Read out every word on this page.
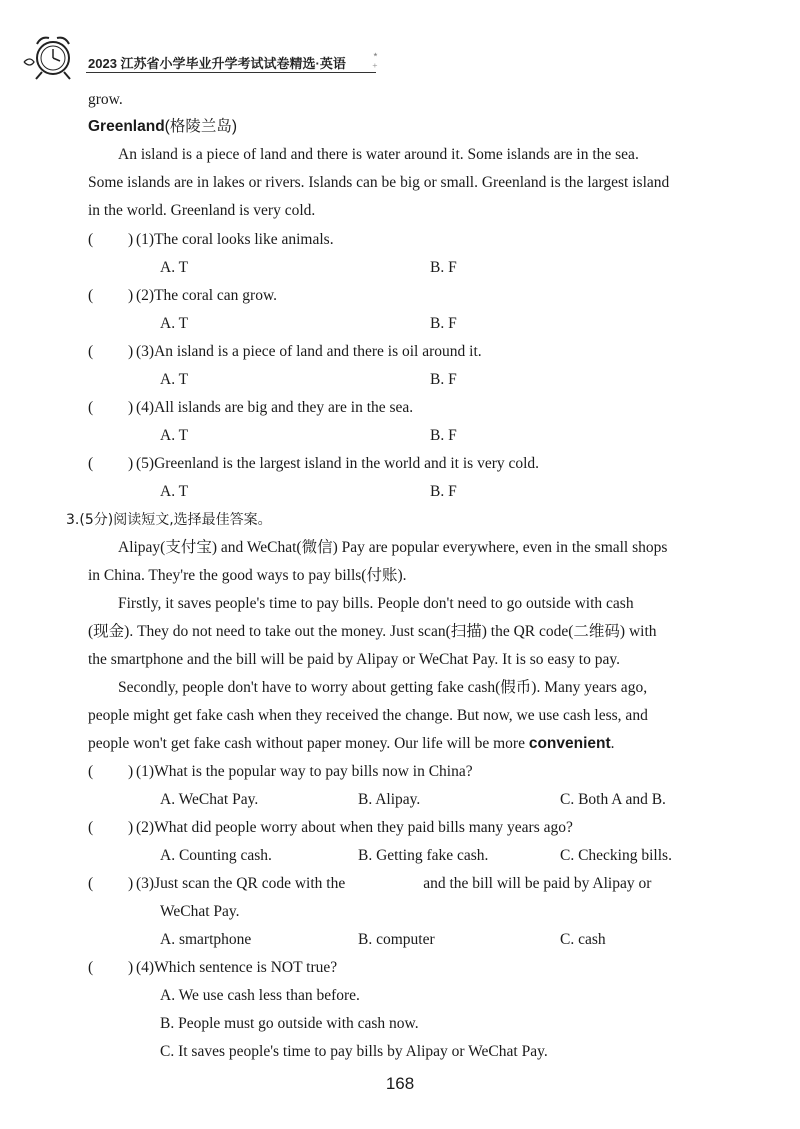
2023 江苏省小学毕业升学考试试卷精选·英语
⋆ ⁺
grow.
Greenland(格陵兰岛)
An island is a piece of land and there is water around it. Some islands are in the sea.
Some islands are in lakes or rivers. Islands can be big or small. Greenland is the largest island
in the world. Greenland is very cold.
( ) (1)The coral looks like animals.
A. T	B. F
( ) (2)The coral can grow.
A. T	B. F
( ) (3)An island is a piece of land and there is oil around it.
A. T	B. F
( ) (4)All islands are big and they are in the sea.
A. T	B. F
( ) (5)Greenland is the largest island in the world and it is very cold.
A. T	B. F
3.(5分)阅读短文,选择最佳答案。
Alipay(支付宝) and WeChat(微信) Pay are popular everywhere, even in the small shops
in China. They're the good ways to pay bills(付账).
Firstly, it saves people's time to pay bills. People don't need to go outside with cash
(现金). They do not need to take out the money. Just scan(扫描) the QR code(二维码) with
the smartphone and the bill will be paid by Alipay or WeChat Pay. It is so easy to pay.
Secondly, people don't have to worry about getting fake cash(假币). Many years ago,
people might get fake cash when they received the change. But now, we use cash less, and
people won't get fake cash without paper money. Our life will be more convenient.
( ) (1)What is the popular way to pay bills now in China?
A. WeChat Pay.	B. Alipay.	C. Both A and B.
( ) (2)What did people worry about when they paid bills many years ago?
A. Counting cash.	B. Getting fake cash.	C. Checking bills.
( ) (3)Just scan the QR code with the	and the bill will be paid by Alipay or
WeChat Pay.
A. smartphone	B. computer	C. cash
( ) (4)Which sentence is NOT true?
A. We use cash less than before.
B. People must go outside with cash now.
C. It saves people's time to pay bills by Alipay or WeChat Pay.
168
